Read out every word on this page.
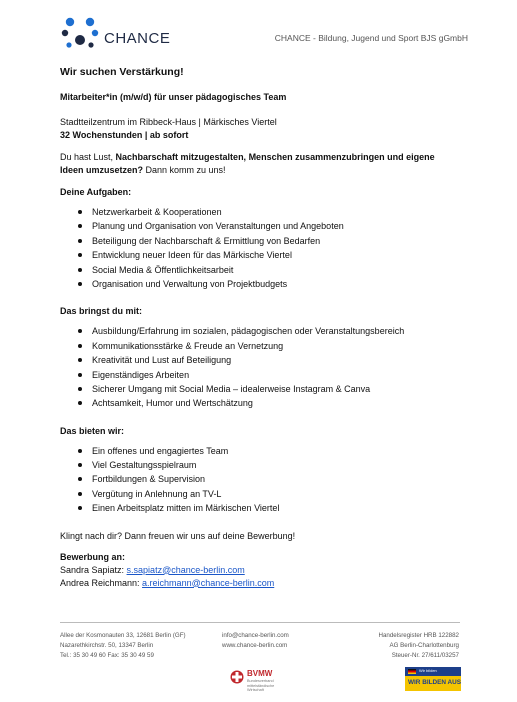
CHANCE	CHANCE - Bildung, Jugend und Sport BJS gGmbH

Wir suchen Verstärkung!

Mitarbeiter*in (m/w/d) für unser pädagogisches Team

Stadtteilzentrum im Ribbeck-Haus | Märkisches Viertel

32 Wochenstunden | ab sofort

Du hast Lust, Nachbarschaft mitzugestalten, Menschen zusammenzubringen und eigene Ideen umzusetzen? Dann komm zu uns!

Deine Aufgaben:

Netzwerkarbeit & Kooperationen
Planung und Organisation von Veranstaltungen und Angeboten
Beteiligung der Nachbarschaft & Ermittlung von Bedarfen
Entwicklung neuer Ideen für das Märkische Viertel
Social Media & Öffentlichkeitsarbeit
Organisation und Verwaltung von Projektbudgets

Das bringst du mit:

Ausbildung/Erfahrung im sozialen, pädagogischen oder Veranstaltungsbereich
Kommunikationsstärke & Freude an Vernetzung
Kreativität und Lust auf Beteiligung
Eigenständiges Arbeiten
Sicherer Umgang mit Social Media – idealerweise Instagram & Canva
Achtsamkeit, Humor und Wertschätzung

Das bieten wir:

Ein offenes und engagiertes Team
Viel Gestaltungsspielraum
Fortbildungen & Supervision
Vergütung in Anlehnung an TV-L
Einen Arbeitsplatz mitten im Märkischen Viertel

Klingt nach dir? Dann freuen wir uns auf deine Bewerbung!

Bewerbung an:

Sandra Sapiatz: s.sapiatz@chance-berlin.com

Andrea Reichmann: a.reichmann@chance-berlin.com

Allee der Kosmonauten 33, 12681 Berlin (GF)
Nazarethkirchstr. 50, 13347 Berlin
Tel.: 35 30 49 60 Fax: 35 30 49 59
info@chance-berlin.com
www.chance-berlin.com
Handelsregister HRB 122882
AG Berlin-Charlottenburg
Steuer-Nr. 27/611/03257
BVMW
Bundesverband mittelständische Wirtschaft
Wir bilden
WIR BILDEN AUS
